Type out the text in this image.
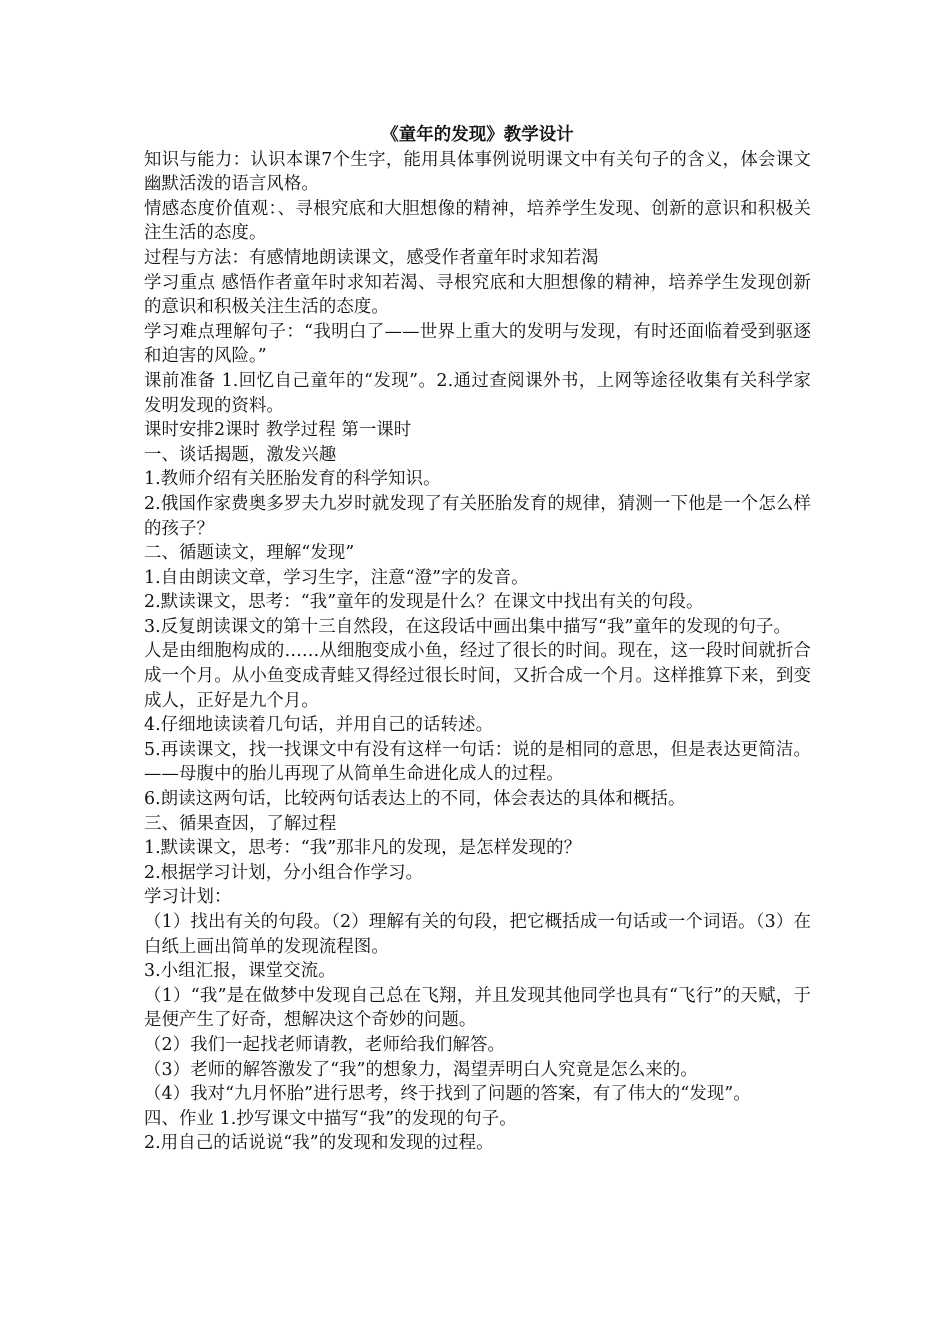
《童年的发现》教学设计

知识与能力：认识本课7个生字，能用具体事例说明课文中有关句子的含义，体会课文幽默活泼的语言风格。

情感态度价值观：、寻根究底和大胆想像的精神，培养学生发现、创新的意识和积极关注生活的态度。

过程与方法：有感情地朗读课文，感受作者童年时求知若渴

学习重点 感悟作者童年时求知若渴、寻根究底和大胆想像的精神，培养学生发现创新的意识和积极关注生活的态度。

学习难点理解句子：“我明白了——世界上重大的发明与发现，有时还面临着受到驱逐和迫害的风险。”

课前准备 1.回忆自己童年的“发现”。2.通过查阅课外书，上网等途径收集有关科学家发明发现的资料。

课时安排2课时 教学过程 第一课时

一、谈话揭题，激发兴趣

1.教师介绍有关胚胎发育的科学知识。

2.俄国作家费奥多罗夫九岁时就发现了有关胚胎发育的规律，猜测一下他是一个怎么样的孩子？

二、循题读文，理解“发现”

1.自由朗读文章，学习生字，注意“澄”字的发音。

2.默读课文，思考：“我”童年的发现是什么？在课文中找出有关的句段。

3.反复朗读课文的第十三自然段，在这段话中画出集中描写“我”童年的发现的句子。

人是由细胞构成的……从细胞变成小鱼，经过了很长的时间。现在，这一段时间就折合成一个月。从小鱼变成青蛙又得经过很长时间，又折合成一个月。这样推算下来，到变成人，正好是九个月。

4.仔细地读读着几句话，并用自己的话转述。

5.再读课文，找一找课文中有没有这样一句话：说的是相同的意思，但是表达更简洁。——母腹中的胎儿再现了从简单生命进化成人的过程。

6.朗读这两句话，比较两句话表达上的不同，体会表达的具体和概括。

三、循果查因，了解过程

1.默读课文，思考：“我”那非凡的发现，是怎样发现的？

2.根据学习计划，分小组合作学习。

学习计划：

（1）找出有关的句段。（2）理解有关的句段，把它概括成一句话或一个词语。（3）在白纸上画出简单的发现流程图。

3.小组汇报，课堂交流。

（1）“我”是在做梦中发现自己总在飞翔，并且发现其他同学也具有“飞行”的天赋，于是便产生了好奇，想解决这个奇妙的问题。

（2）我们一起找老师请教，老师给我们解答。

（3）老师的解答激发了“我”的想象力，渴望弄明白人究竟是怎么来的。

（4）我对“九月怀胎”进行思考，终于找到了问题的答案，有了伟大的“发现”。

四、作业 1.抄写课文中描写“我”的发现的句子。

2.用自己的话说说“我”的发现和发现的过程。
